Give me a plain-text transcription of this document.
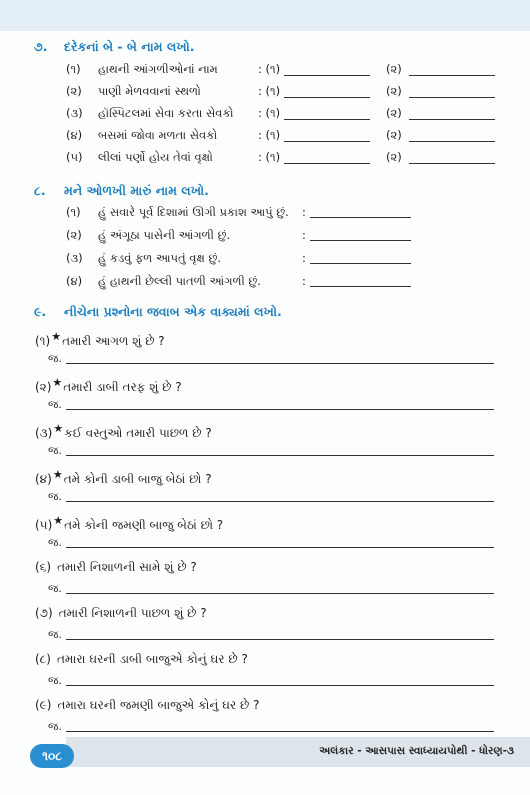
૭. દરેકનાં બે - બે નામ લખો.
(૧) હાથની આંગળીઓનાં નામ	: (૧)	(૨)
(૨) પાણી મેળવવાનાં સ્થળો	: (૧)	(૨)
(૩) હૉસ્પિટલમાં સેવા કરતા સેવકો : (૧)	(૨)
(૪) બસમાં જોવા મળતા સેવકો	: (૧)	(૨)
(૫) લીલાં પર્ણો હોય તેવાં વૃક્ષો	: (૧)	(૨)
૮. મને ઓળખી મારું નામ લખો.
(૧) હું સવારે પૂર્વ દિશામાં ઊગી પ્રકાશ આપું છું. :
(૨) હું અંગૂઠા પાસેની આંગળી છું.	:
(૩) હું કડવું ફળ આપતું વૃક્ષ છું.	:
(૪) હું હાથની છેલ્લી પાતળી આંગળી છું.	:
૯. નીચેના પ્રશ્નોના જવાબ એક વાક્યમાં લખો.
(૧)★તમારી આગળ શું છે ?
જ.
(૨)★તમારી ડાબી તરફ શું છે ?
જ.
(૩)★કઈ વસ્તુઓ તમારી પાછળ છે ?
જ.
(૪)★તમે કોની ડાબી બાજુ બેઠાં છો ?
જ.
(૫)★તમે કોની જમણી બાજુ બેઠાં છો ?
જ.
(૬) તમારી નિશાળની સામે શું છે ?
જ.
(૭) તમારી નિશાળની પાછળ શું છે ?
જ.
(૮) તમારા ઘરની ડાબી બાજુએ કોનું ઘર છે ?
જ.
(૯) તમારા ઘરની જમણી બાજુએ કોનું ઘર છે ?
જ.
અલંકાર - આસપાસ સ્વાધ્યાયપોથી - ધોરણ-૩
૧૦૮
